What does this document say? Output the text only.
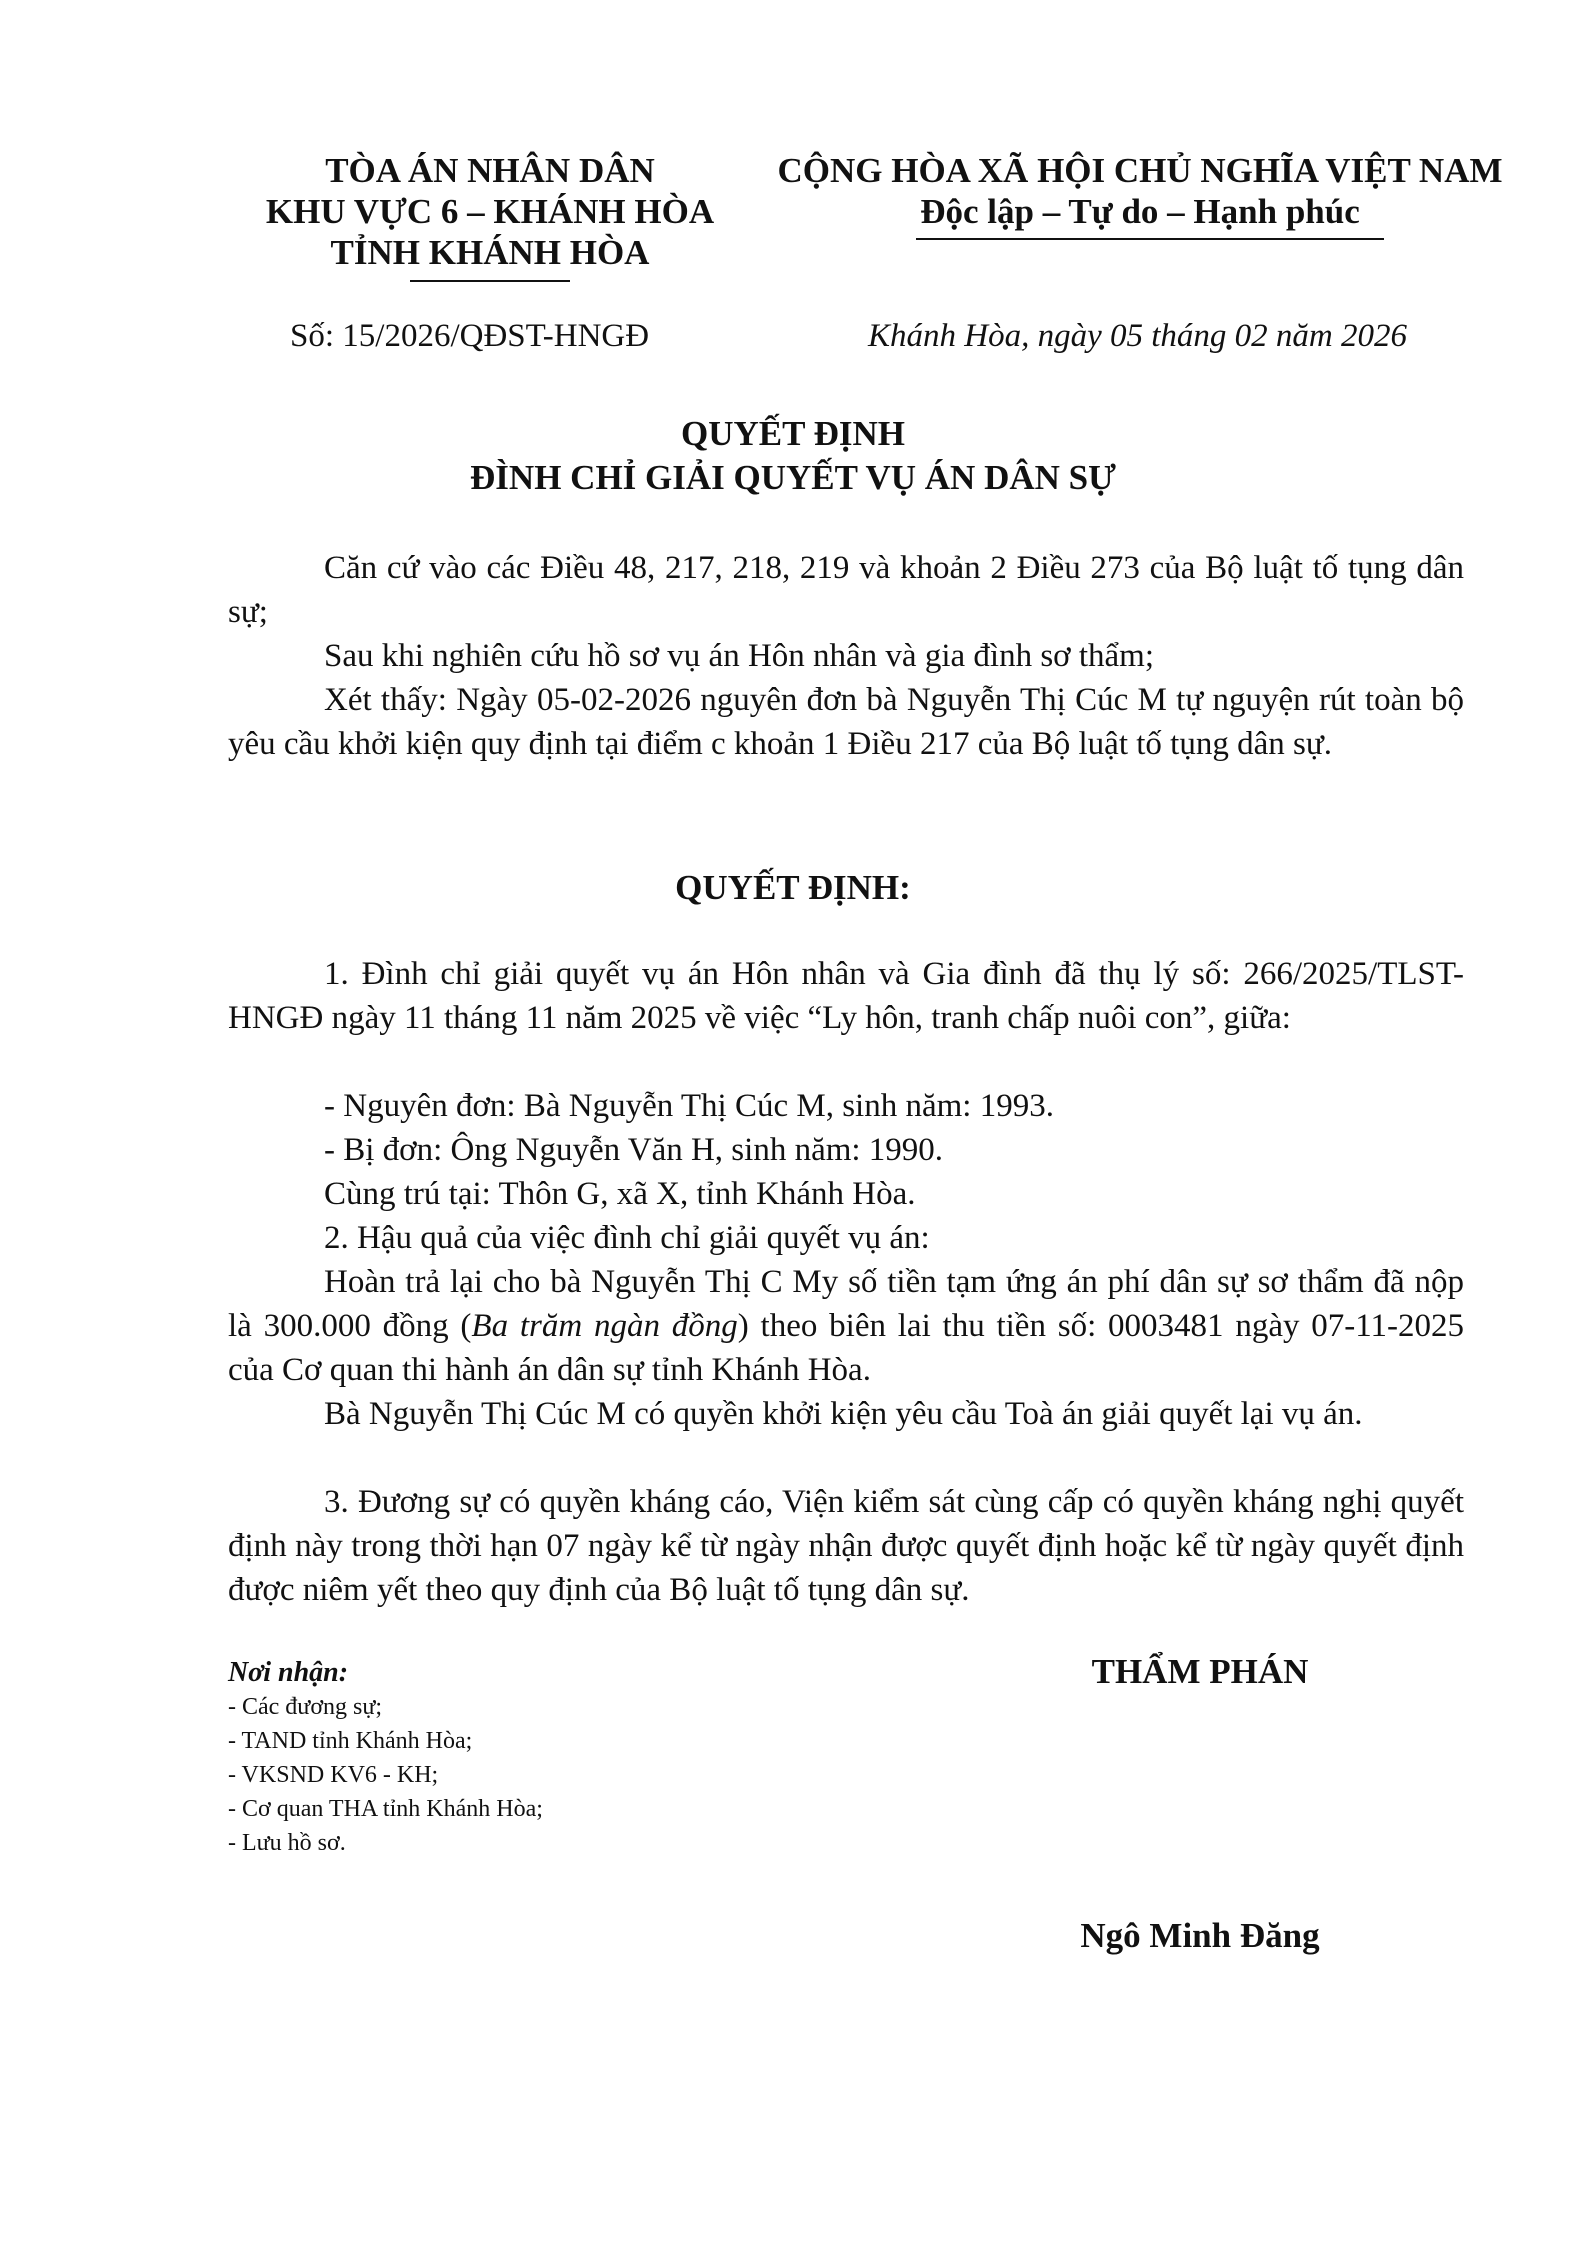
TÒA ÁN NHÂN DÂN
KHU VỰC 6 – KHÁNH HÒA
TỈNH KHÁNH HÒA
CỘNG HÒA XÃ HỘI CHỦ NGHĨA VIỆT NAM
Độc lập – Tự do – Hạnh phúc
Số: 15/2026/QĐST-HNGĐ	Khánh Hòa, ngày 05 tháng 02 năm 2026
QUYẾT ĐỊNH
ĐÌNH CHỈ GIẢI QUYẾT VỤ ÁN DÂN SỰ
Căn cứ vào các Điều 48, 217, 218, 219 và khoản 2 Điều 273 của Bộ luật tố tụng dân sự;
Sau khi nghiên cứu hồ sơ vụ án Hôn nhân và gia đình sơ thẩm;
Xét thấy: Ngày 05-02-2026 nguyên đơn bà Nguyễn Thị Cúc M tự nguyện rút toàn bộ yêu cầu khởi kiện quy định tại điểm c khoản 1 Điều 217 của Bộ luật tố tụng dân sự.
QUYẾT ĐỊNH:
1. Đình chỉ giải quyết vụ án Hôn nhân và Gia đình đã thụ lý số: 266/2025/TLST-HNGĐ ngày 11 tháng 11 năm 2025 về việc “Ly hôn, tranh chấp nuôi con”, giữa:
- Nguyên đơn: Bà Nguyễn Thị Cúc M, sinh năm: 1993.
- Bị đơn: Ông Nguyễn Văn H, sinh năm: 1990.
Cùng trú tại: Thôn G, xã X, tỉnh Khánh Hòa.
2. Hậu quả của việc đình chỉ giải quyết vụ án:
Hoàn trả lại cho bà Nguyễn Thị C My số tiền tạm ứng án phí dân sự sơ thẩm đã nộp là 300.000 đồng (Ba trăm ngàn đồng) theo biên lai thu tiền số: 0003481 ngày 07-11-2025 của Cơ quan thi hành án dân sự tỉnh Khánh Hòa.
Bà Nguyễn Thị Cúc M có quyền khởi kiện yêu cầu Toà án giải quyết lại vụ án.
3. Đương sự có quyền kháng cáo, Viện kiểm sát cùng cấp có quyền kháng nghị quyết định này trong thời hạn 07 ngày kể từ ngày nhận được quyết định hoặc kể từ ngày quyết định được niêm yết theo quy định của Bộ luật tố tụng dân sự.
Nơi nhận:
- Các đương sự;
- TAND tỉnh Khánh Hòa;
- VKSND KV6 - KH;
- Cơ quan THA tỉnh Khánh Hòa;
- Lưu hồ sơ.
THẨM PHÁN
Ngô Minh Đăng
